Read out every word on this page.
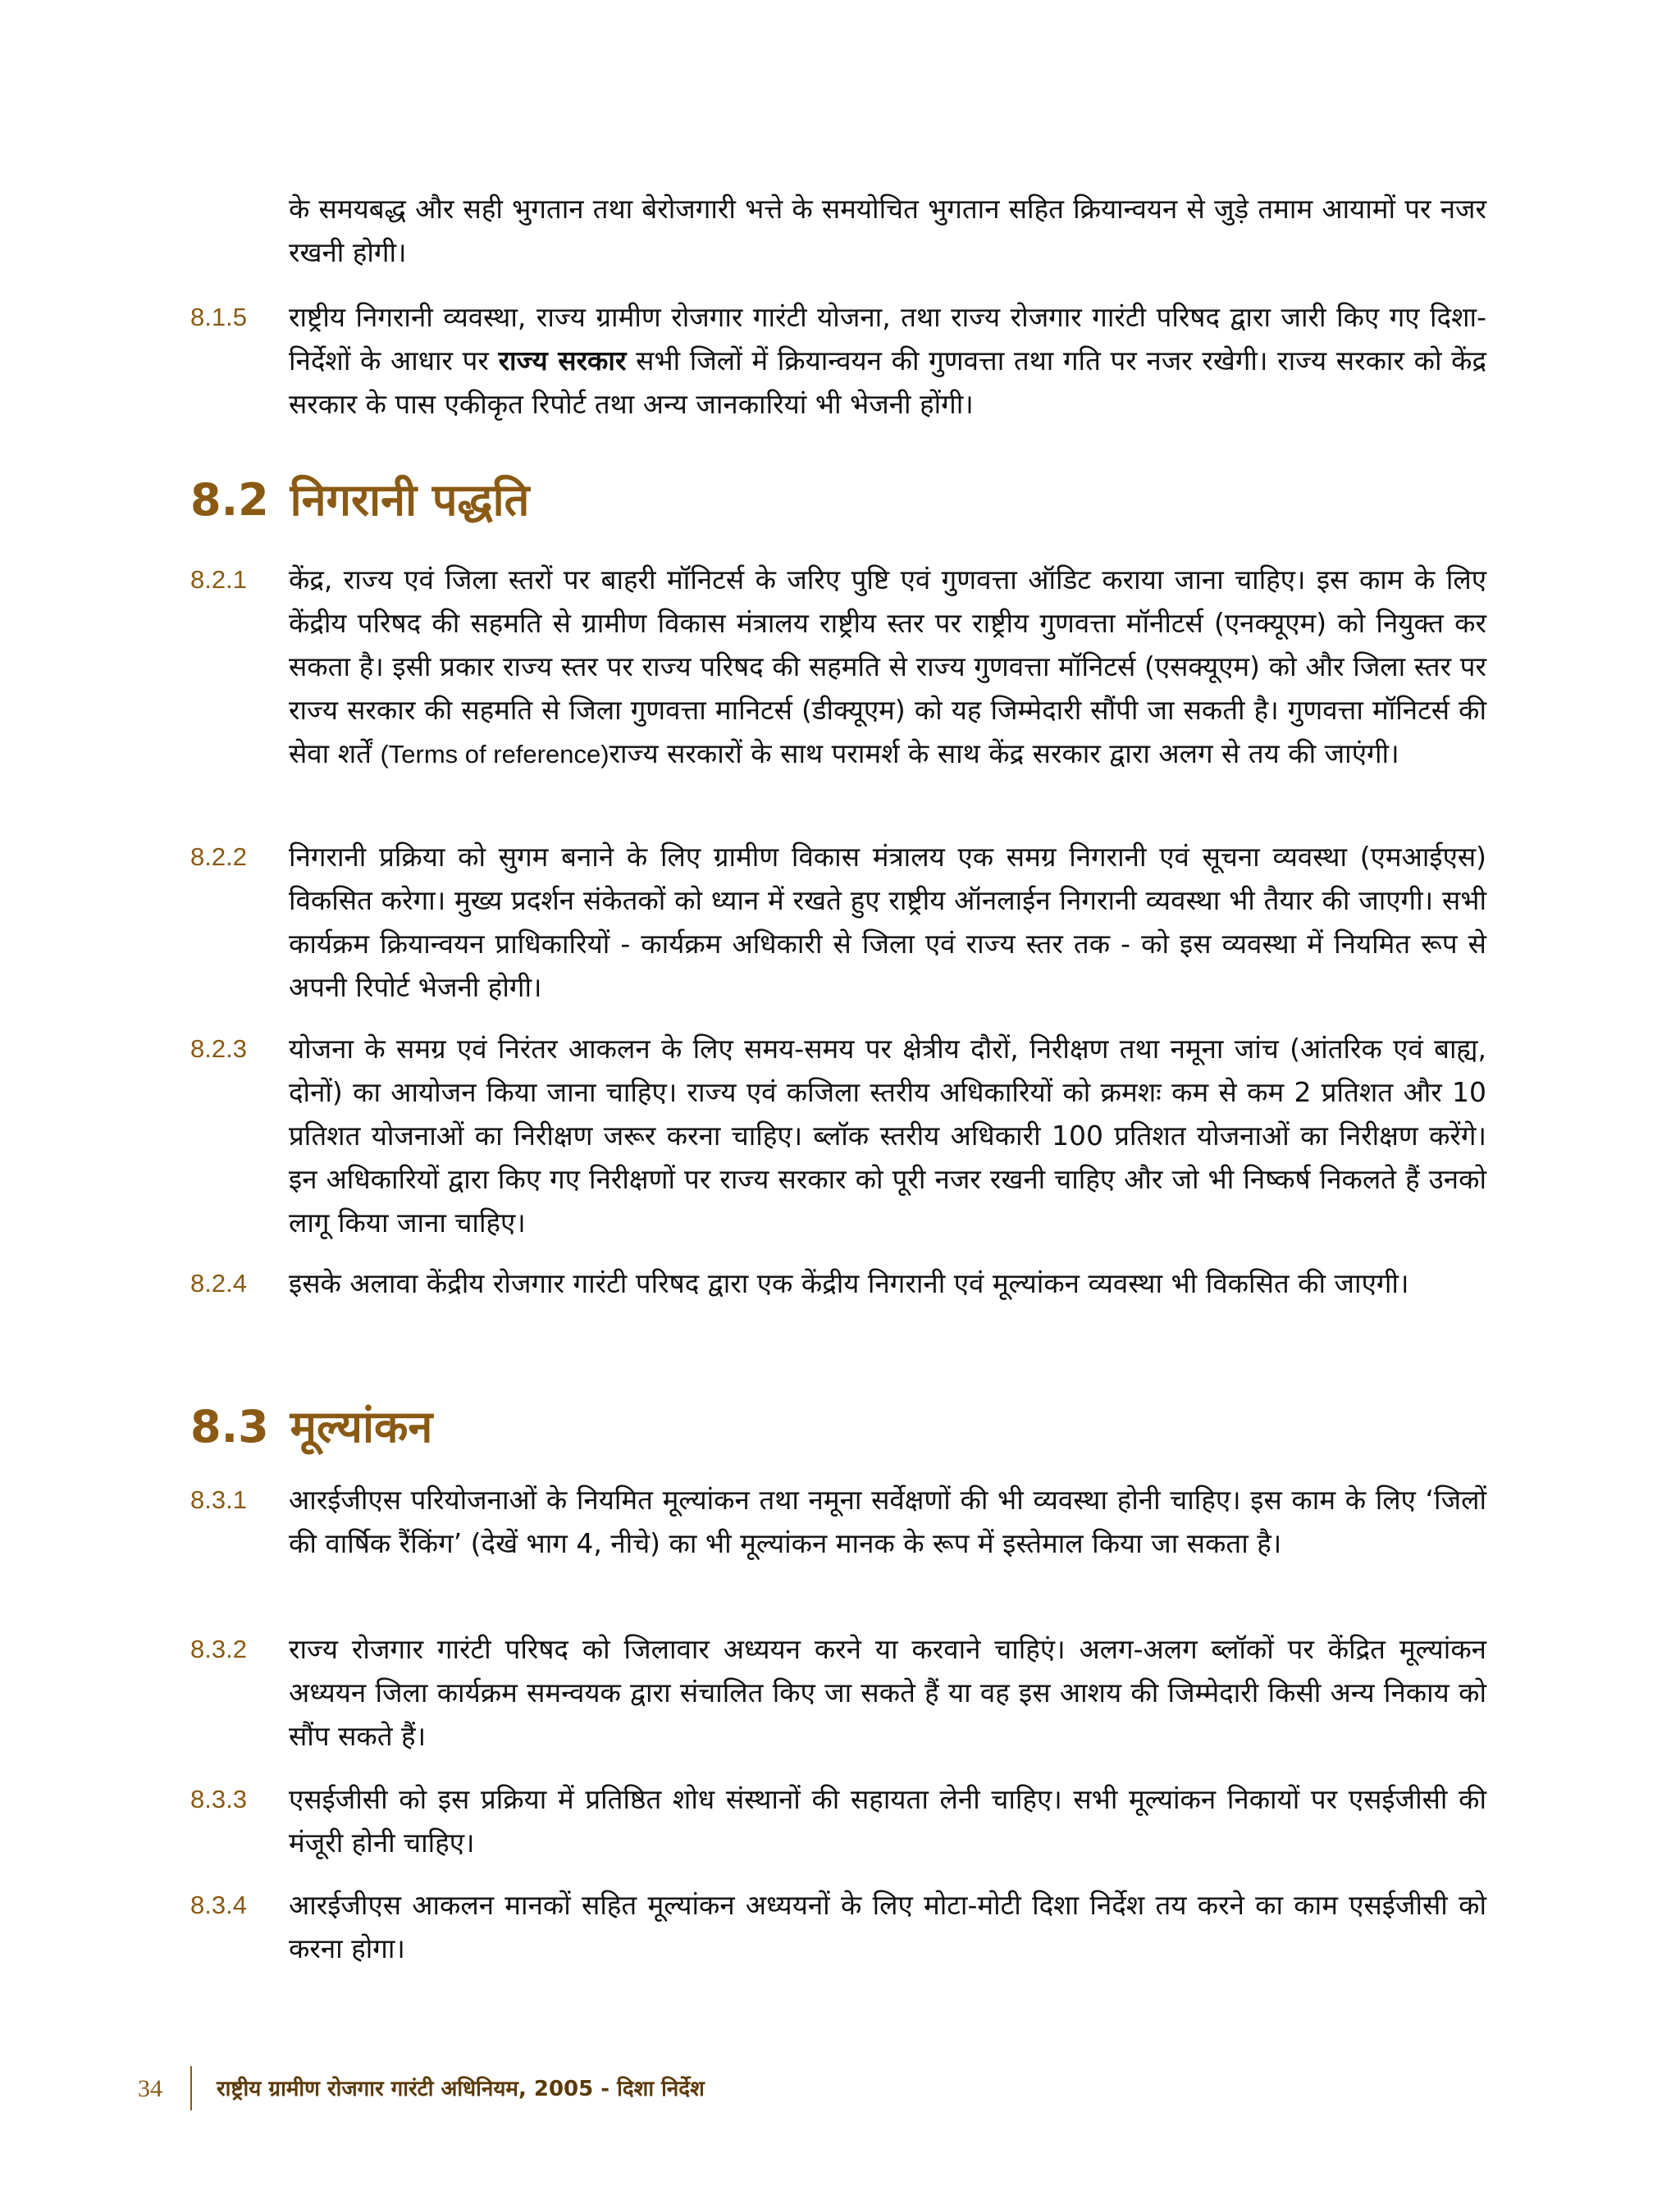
के समयबद्ध और सही भुगतान तथा बेरोजगारी भत्ते के समयोचित भुगतान सहित क्रियान्वयन से जुड़े तमाम आयामों पर नजर रखनी होगी।
8.1.5 राष्ट्रीय निगरानी व्यवस्था, राज्य ग्रामीण रोजगार गारंटी योजना, तथा राज्य रोजगार गारंटी परिषद द्वारा जारी किए गए दिशा-निर्देशों के आधार पर राज्य सरकार सभी जिलों में क्रियान्वयन की गुणवत्ता तथा गति पर नजर रखेगी। राज्य सरकार को केंद्र सरकार के पास एकीकृत रिपोर्ट तथा अन्य जानकारियां भी भेजनी होंगी।
8.2 निगरानी पद्धति
8.2.1 केंद्र, राज्य एवं जिला स्तरों पर बाहरी मॉनिटर्स के जरिए पुष्टि एवं गुणवत्ता ऑडिट कराया जाना चाहिए। इस काम के लिए केंद्रीय परिषद की सहमति से ग्रामीण विकास मंत्रालय राष्ट्रीय स्तर पर राष्ट्रीय गुणवत्ता मॉनीटर्स (एनक्यूएम) को नियुक्त कर सकता है। इसी प्रकार राज्य स्तर पर राज्य परिषद की सहमति से राज्य गुणवत्ता मॉनिटर्स (एसक्यूएम) को और जिला स्तर पर राज्य सरकार की सहमति से जिला गुणवत्ता मानिटर्स (डीक्यूएम) को यह जिम्मेदारी सौंपी जा सकती है। गुणवत्ता मॉनिटर्स की सेवा शर्तें (Terms of reference)राज्य सरकारों के साथ परामर्श के साथ केंद्र सरकार द्वारा अलग से तय की जाएंगी।
8.2.2 निगरानी प्रक्रिया को सुगम बनाने के लिए ग्रामीण विकास मंत्रालय एक समग्र निगरानी एवं सूचना व्यवस्था (एमआईएस) विकसित करेगा। मुख्य प्रदर्शन संकेतकों को ध्यान में रखते हुए राष्ट्रीय ऑनलाईन निगरानी व्यवस्था भी तैयार की जाएगी। सभी कार्यक्रम क्रियान्वयन प्राधिकारियों - कार्यक्रम अधिकारी से जिला एवं राज्य स्तर तक - को इस व्यवस्था में नियमित रूप से अपनी रिपोर्ट भेजनी होगी।
8.2.3 योजना के समग्र एवं निरंतर आकलन के लिए समय-समय पर क्षेत्रीय दौरों, निरीक्षण तथा नमूना जांच (आंतरिक एवं बाह्य, दोनों) का आयोजन किया जाना चाहिए। राज्य एवं कजिला स्तरीय अधिकारियों को क्रमशः कम से कम 2 प्रतिशत और 10 प्रतिशत योजनाओं का निरीक्षण जरूर करना चाहिए। ब्लॉक स्तरीय अधिकारी 100 प्रतिशत योजनाओं का निरीक्षण करेंगे। इन अधिकारियों द्वारा किए गए निरीक्षणों पर राज्य सरकार को पूरी नजर रखनी चाहिए और जो भी निष्कर्ष निकलते हैं उनको लागू किया जाना चाहिए।
8.2.4 इसके अलावा केंद्रीय रोजगार गारंटी परिषद द्वारा एक केंद्रीय निगरानी एवं मूल्यांकन व्यवस्था भी विकसित की जाएगी।
8.3 मूल्यांकन
8.3.1 आरईजीएस परियोजनाओं के नियमित मूल्यांकन तथा नमूना सर्वेक्षणों की भी व्यवस्था होनी चाहिए। इस काम के लिए ‘जिलों की वार्षिक रैंकिंग’ (देखें भाग 4, नीचे) का भी मूल्यांकन मानक के रूप में इस्तेमाल किया जा सकता है।
8.3.2 राज्य रोजगार गारंटी परिषद को जिलावार अध्ययन करने या करवाने चाहिएं। अलग-अलग ब्लॉकों पर केंद्रित मूल्यांकन अध्ययन जिला कार्यक्रम समन्वयक द्वारा संचालित किए जा सकते हैं या वह इस आशय की जिम्मेदारी किसी अन्य निकाय को सौंप सकते हैं।
8.3.3 एसईजीसी को इस प्रक्रिया में प्रतिष्ठित शोध संस्थानों की सहायता लेनी चाहिए। सभी मूल्यांकन निकायों पर एसईजीसी की मंजूरी होनी चाहिए।
8.3.4 आरईजीएस आकलन मानकों सहित मूल्यांकन अध्ययनों के लिए मोटा-मोटी दिशा निर्देश तय करने का काम एसईजीसी को करना होगा।
34	राष्ट्रीय ग्रामीण रोजगार गारंटी अधिनियम, 2005 - दिशा निर्देश
